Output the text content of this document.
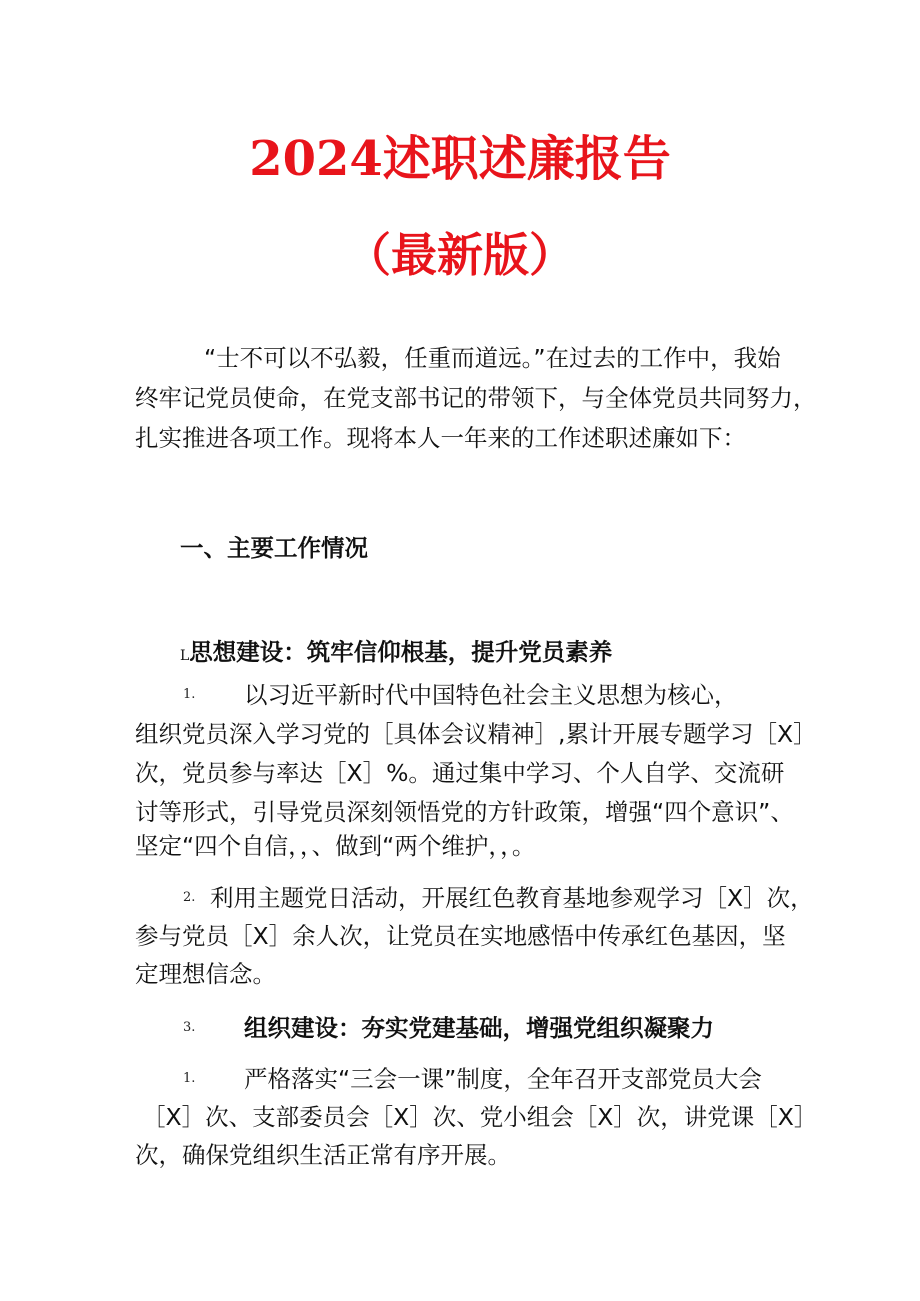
2024述职述廉报告
（最新版）
“士不可以不弘毅，任重而道远。”在过去的工作中，我始
终牢记党员使命，在党支部书记的带领下，与全体党员共同努力，
扎实推进各项工作。现将本人一年来的工作述职述廉如下：
一、主要工作情况
L思想建设：筑牢信仰根基，提升党员素养
1. 以习近平新时代中国特色社会主义思想为核心，
组织党员深入学习党的［具体会议精神］,累计开展专题学习［X］
次，党员参与率达［X］%。通过集中学习、个人自学、交流研
讨等形式，引导党员深刻领悟党的方针政策，增强“四个意识”、
坚定“四个自信，，、做到“两个维护，，。
2. 利用主题党日活动，开展红色教育基地参观学习［X］次，
参与党员［X］余人次，让党员在实地感悟中传承红色基因，坚
定理想信念。
3. 组织建设：夯实党建基础，增强党组织凝聚力
1. 严格落实“三会一课”制度，全年召开支部党员大会
［X］次、支部委员会［X］次、党小组会［X］次，讲党课［X］
次，确保党组织生活正常有序开展。
